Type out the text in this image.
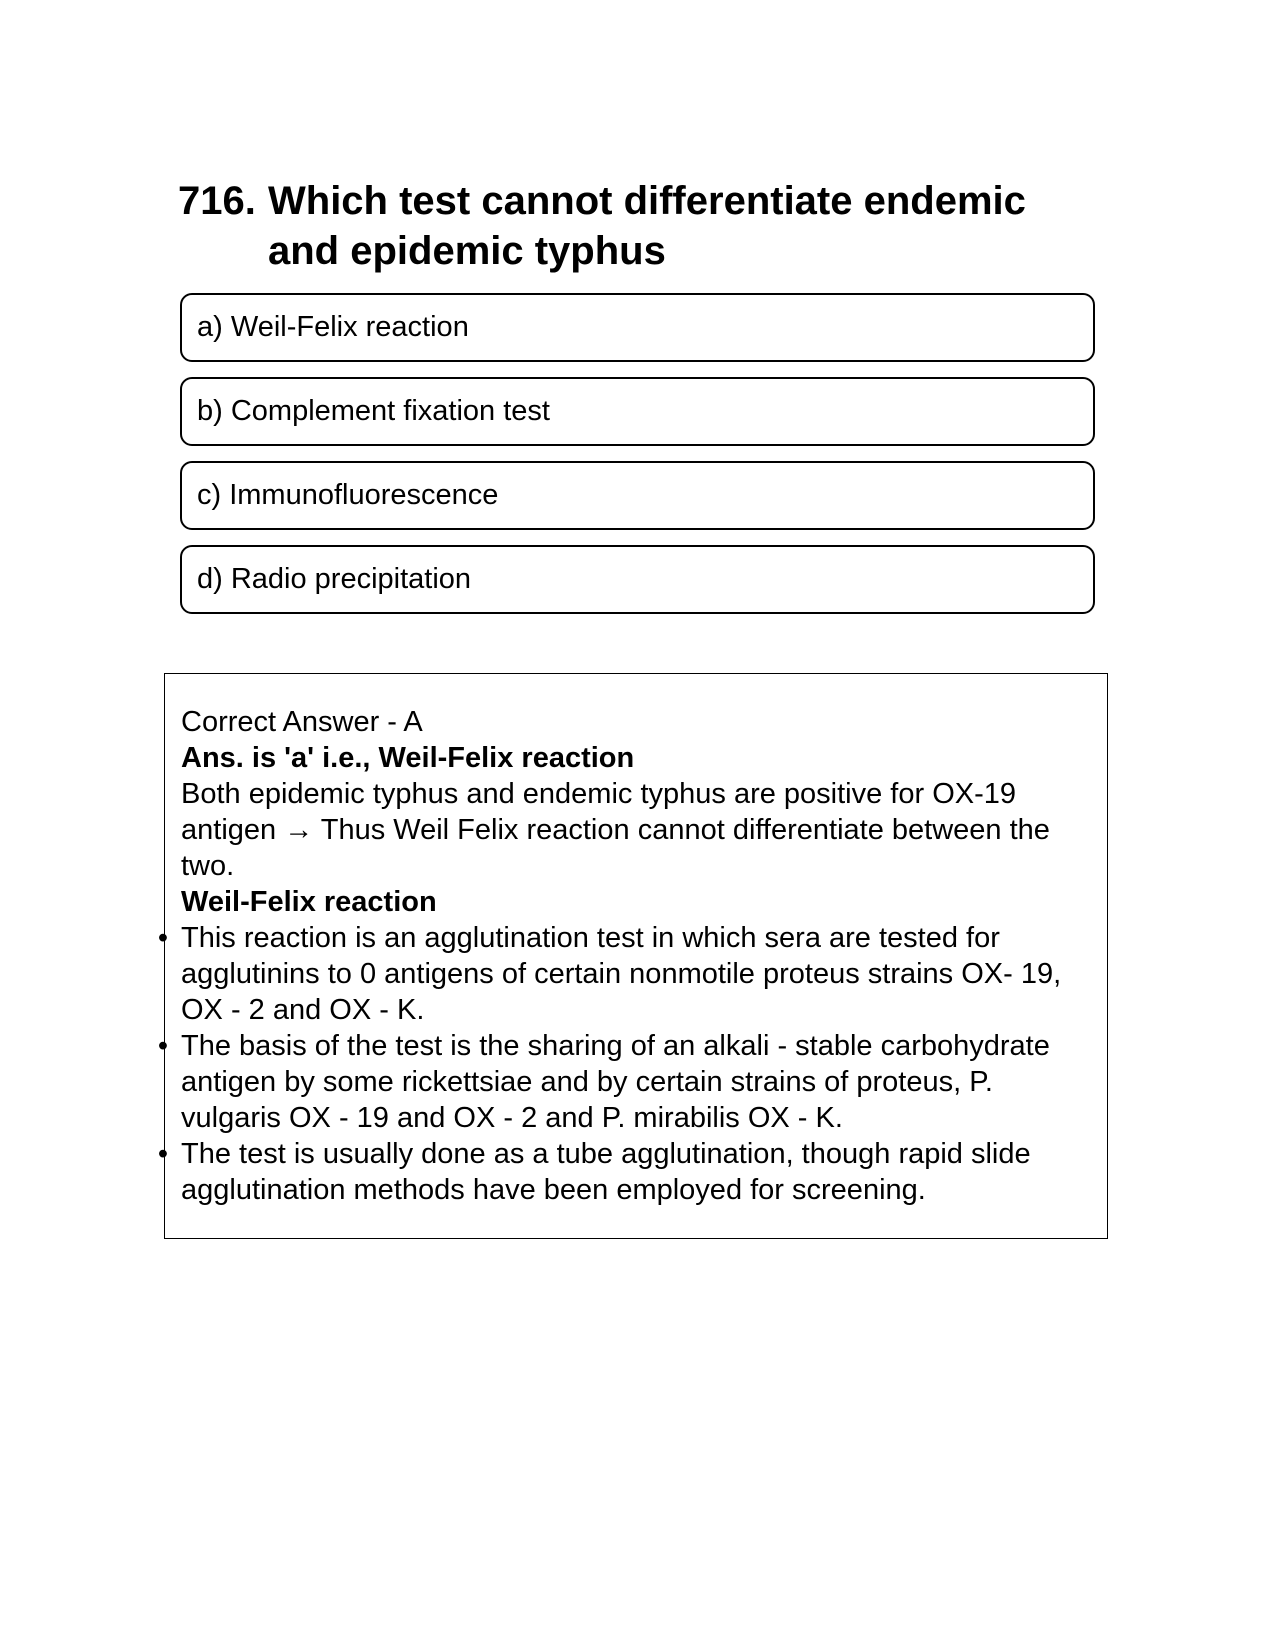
716. Which test cannot differentiate endemic and epidemic typhus
a) Weil-Felix reaction
b) Complement fixation test
c) Immunofluorescence
d) Radio precipitation

Correct Answer - A

Ans. is 'a' i.e., Weil-Felix reaction

Both epidemic typhus and endemic typhus are positive for OX-19 antigen → Thus Weil Felix reaction cannot differentiate between the two.

Weil-Felix reaction

• This reaction is an agglutination test in which sera are tested for agglutinins to 0 antigens of certain nonmotile proteus strains OX- 19, OX - 2 and OX - K.
• The basis of the test is the sharing of an alkali - stable carbohydrate antigen by some rickettsiae and by certain strains of proteus, P. vulgaris OX - 19 and OX - 2 and P. mirabilis OX - K.
• The test is usually done as a tube agglutination, though rapid slide agglutination methods have been employed for screening.
